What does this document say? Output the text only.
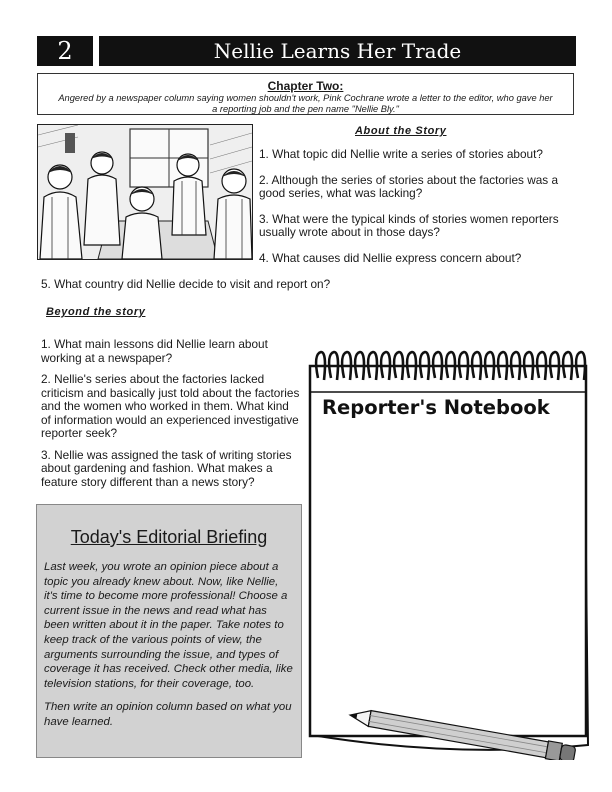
2	Nellie Learns Her Trade
Chapter Two:
Angered by a newspaper column saying women shouldn't work, Pink Cochrane wrote a letter to the editor, who gave her a reporting job and the pen name "Nellie Bly."
About the Story

1. What topic did Nellie write a series of stories about?

2. Although the series of stories about the factories was a good series, what was lacking?

3. What were the typical kinds of stories women reporters usually wrote about in those days?

4. What causes did Nellie express concern about?

5. What country did Nellie decide to visit and report on?

Beyond the story

1. What main lessons did Nellie learn about working at a newspaper?

2. Nellie's series about the factories lacked criticism and basically just told about the factories and the women who worked in them. What kind of information would an experienced investigative reporter seek?

3. Nellie was assigned the task of writing stories about gardening and fashion. What makes a feature story different than a news story?

Today's Editorial Briefing

Last week, you wrote an opinion piece about a topic you already knew about. Now, like Nellie, it's time to become more professional! Choose a current issue in the news and read what has been written about it in the paper. Take notes to keep track of the various points of view, the arguments surrounding the issue, and types of coverage it has received. Check other media, like television stations, for their coverage, too.

Then write an opinion column based on what you have learned.

Reporter's Notebook
